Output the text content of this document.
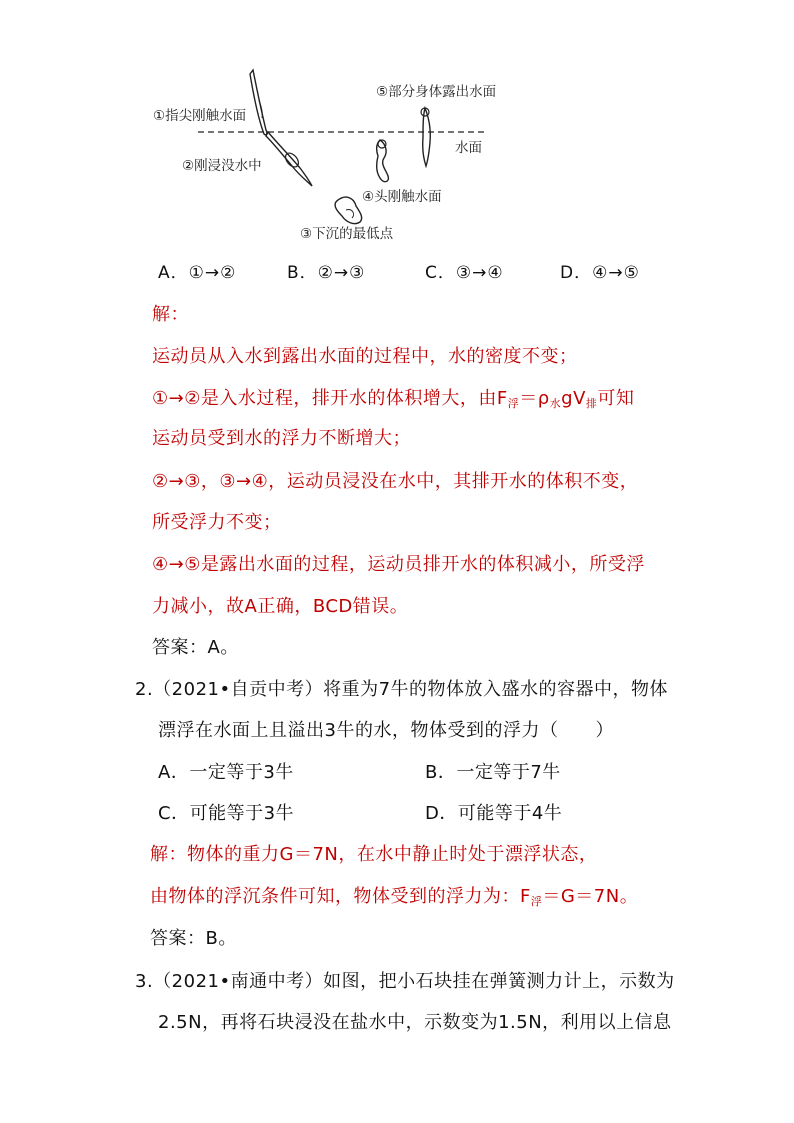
①指尖刚触水面
②刚浸没水中
③下沉的最低点
④头刚触水面
⑤部分身体露出水面
水面
A．①→②	B．②→③	C．③→④	D．④→⑤
解：
运动员从入水到露出水面的过程中，水的密度不变；
①→②是入水过程，排开水的体积增大，由$F_浮=\rho_水gV_排$可知
运动员受到水的浮力不断增大；
②→③，③→④，运动员浸没在水中，其排开水的体积不变，
所受浮力不变；
④→⑤是露出水面的过程，运动员排开水的体积减小，所受浮
力减小，故A正确，BCD错误。
答案：A。
2.（2021•自贡中考）将重为7牛的物体放入盛水的容器中，物体
漂浮在水面上且溢出3牛的水，物体受到的浮力（　　）
A．一定等于3牛	B．一定等于7牛
C．可能等于3牛	D．可能等于4牛
解：物体的重力G＝7N，在水中静止时处于漂浮状态，
由物体的浮沉条件可知，物体受到的浮力为：$F_浮=G=7N$。
答案：B。
3.（2021•南通中考）如图，把小石块挂在弹簧测力计上，示数为
2.5N，再将石块浸没在盐水中，示数变为1.5N，利用以上信息
